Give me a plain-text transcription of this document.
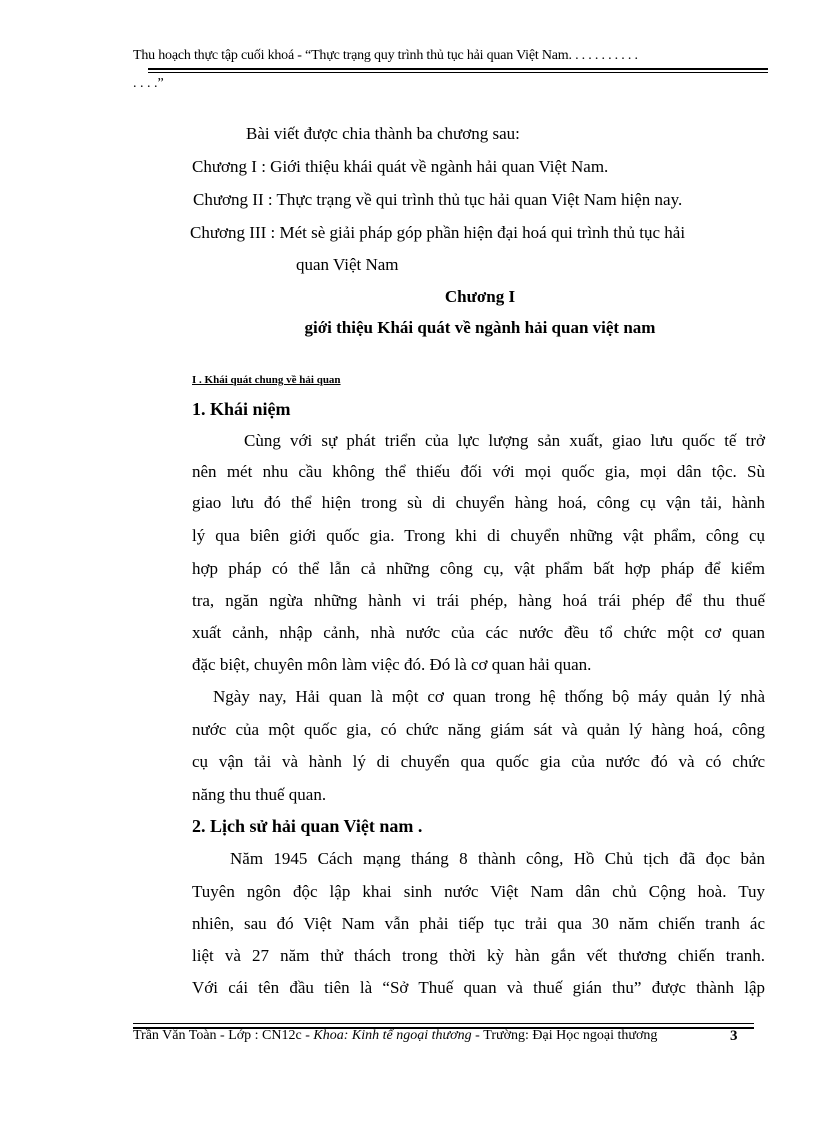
Thu hoạch thực tập cuối khoá - “Thực trạng quy trình thủ tục hải quan Việt Nam. . . . . . . . . . .
. . . .”
Bài viết được chia thành ba chương sau:
Chương I : Giới thiệu khái quát về ngành hải quan Việt Nam.
Chương II : Thực trạng về qui trình thủ tục hải quan Việt Nam hiện nay.
Chương III : Mét sè giải pháp góp phần hiện đại hoá qui trình thủ tục hải
quan Việt Nam
Chương I
giới thiệu Khái quát về ngành hải quan việt nam
I . Khái quát chung về hải quan
1. Khái niệm
Cùng với sự phát triển của lực lượng sản xuất, giao lưu quốc tế trở
nên mét nhu cầu không thể thiếu đối với mọi quốc gia, mọi dân tộc. Sù
giao lưu đó thể hiện trong sù di chuyển hàng hoá, công cụ vận tải, hành
lý qua biên giới quốc gia. Trong khi di chuyển những vật phẩm, công cụ
hợp pháp có thể lẫn cả những công cụ, vật phẩm bất hợp pháp để kiểm
tra, ngăn ngừa những hành vi trái phép, hàng hoá trái phép để thu thuế
xuất cảnh, nhập cảnh, nhà nước của các nước đều tổ chức một cơ quan
đặc biệt, chuyên môn làm việc đó. Đó là cơ quan hải quan.
Ngày nay, Hải quan là một cơ quan trong hệ thống bộ máy quản lý nhà
nước của một quốc gia, có chức năng giám sát và quản lý hàng hoá, công
cụ vận tải và hành lý di chuyển qua quốc gia của nước đó và có chức
năng thu thuế quan.
2. Lịch sử hải quan Việt nam .
Năm 1945 Cách mạng tháng 8 thành công, Hồ Chủ tịch đã đọc bản
Tuyên ngôn độc lập khai sinh nước Việt Nam dân chủ Cộng hoà. Tuy
nhiên, sau đó Việt Nam vẫn phải tiếp tục trải qua 30 năm chiến tranh ác
liệt và 27 năm thử thách trong thời kỳ hàn gắn vết thương chiến tranh.
Với cái tên đầu tiên là “Sở Thuế quan và thuế gián thu” được thành lập
Trần Văn Toàn - Lớp : CN12c - Khoa: Kinh tế ngoại thương - Trường: Đại Học ngoại thương	3
